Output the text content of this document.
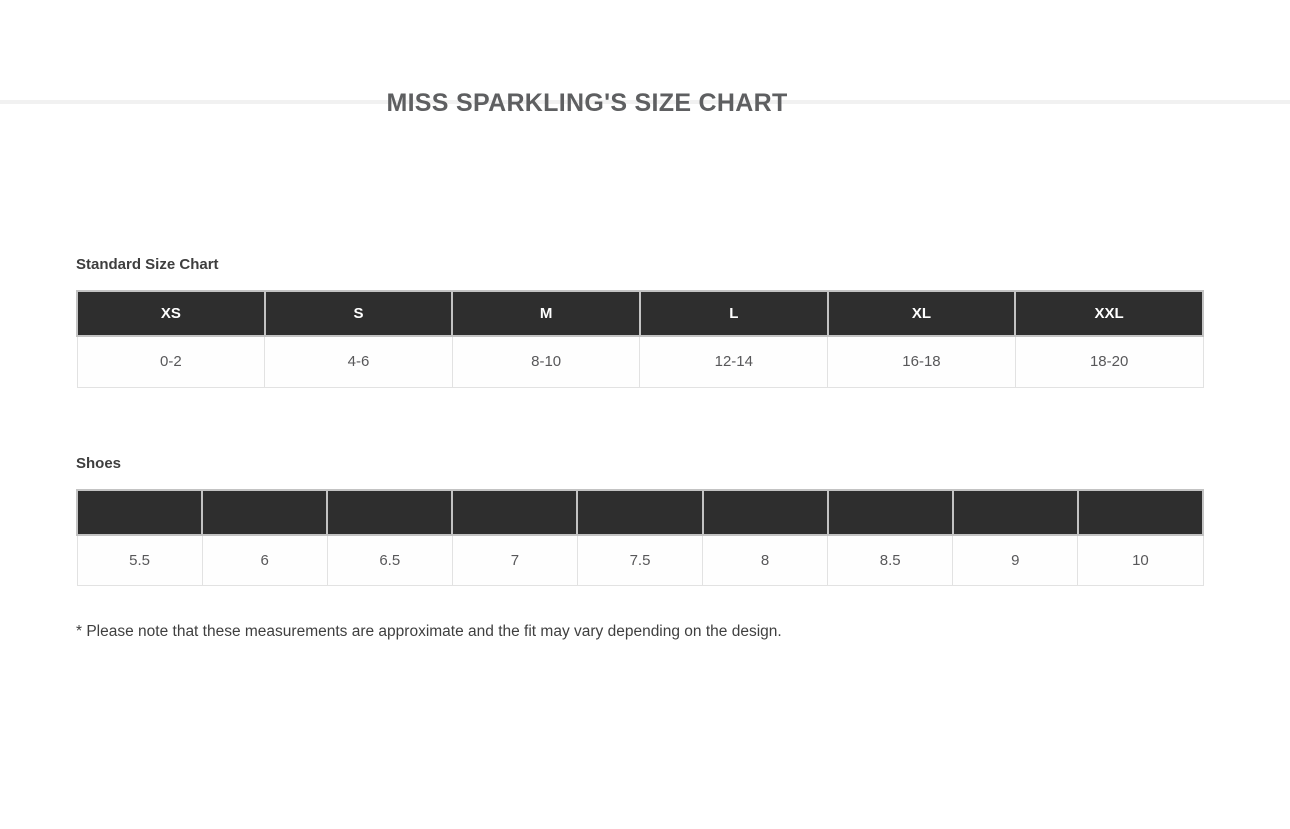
MISS SPARKLING'S SIZE CHART
Standard Size Chart
XS	S	M	L	XL	XXL
0-2	4-6	8-10	12-14	16-18	18-20
Shoes

5.5	6	6.5	7	7.5	8	8.5	9	10

* Please note that these measurements are approximate and the fit may vary depending on the design.
